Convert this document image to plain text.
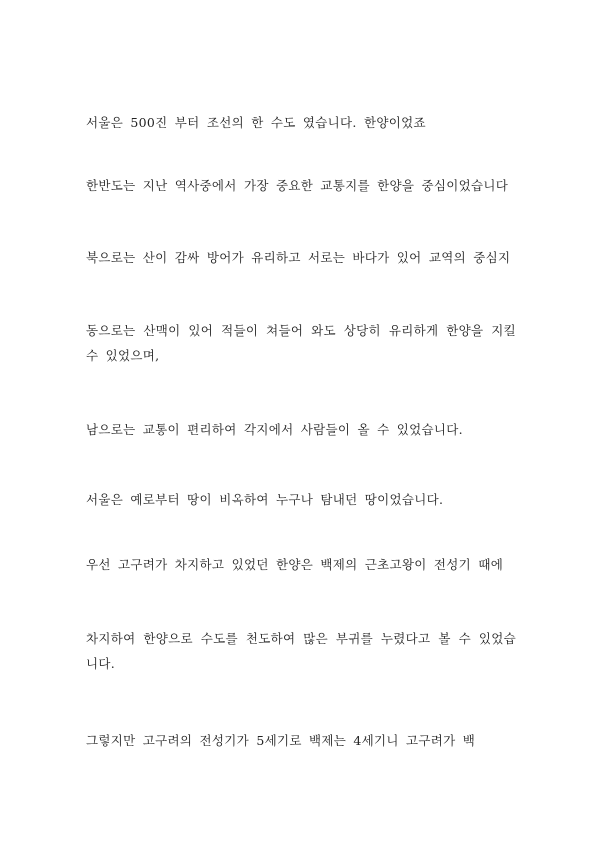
서울은 500진 부터 조선의 한 수도 였습니다. 한양이었죠

한반도는 지난 역사중에서 가장 중요한 교통지를 한양을 중심이었습니다

북으로는 산이 감싸 방어가 유리하고 서로는 바다가 있어 교역의 중심지

동으로는 산맥이 있어 적들이 쳐들어 와도 상당히 유리하게 한양을 지킬 수 있었으며,

남으로는 교통이 편리하여 각지에서 사람들이 올 수 있었습니다.

서울은 예로부터 땅이 비옥하여 누구나 탐내던 땅이었습니다.

우선 고구려가 차지하고 있었던 한양은 백제의 근초고왕이 전성기 때에

차지하여 한양으로 수도를 천도하여 많은 부귀를 누렸다고 볼 수 있었습니다.

그렇지만 고구려의 전성기가 5세기로 백제는 4세기니 고구려가 백
